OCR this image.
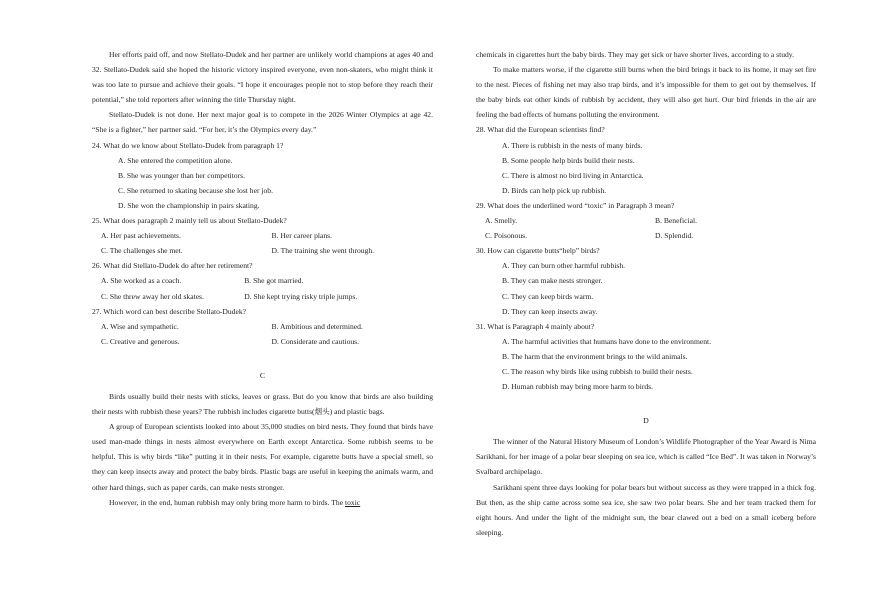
Her efforts paid off, and now Stellato-Dudek and her partner are unlikely world champions at ages 40 and 32. Stellato-Dudek said she hoped the historic victory inspired everyone, even non-skaters, who might think it was too late to pursue and achieve their goals. “I hope it encourages people not to stop before they reach their potential,” she told reporters after winning the title Thursday night.

Stellato-Dudek is not done. Her next major goal is to compete in the 2026 Winter Olympics at age 42. “She is a fighter,” her partner said. “For her, it’s the Olympics every day.”

24. What do we know about Stellato-Dudek from paragraph 1?

A. She entered the competition alone.

B. She was younger than her competitors.

C. She returned to skating because she lost her job.

D. She won the championship in pairs skating.

25. What does paragraph 2 mainly tell us about Stellato-Dudek?

A. Her past achievements.	B. Her career plans.
C. The challenges she met.	D. The training she went through.

26. What did Stellato-Dudek do after her retirement?

A. She worked as a coach.	B. She got married.
C. She threw away her old skates.	D. She kept trying risky triple jumps.

27. Which word can best describe Stellato-Dudek?

A. Wise and sympathetic.	B. Ambitious and determined.
C. Creative and generous.	D. Considerate and cautious.
C

Birds usually build their nests with sticks, leaves or grass. But do you know that birds are also building their nests with rubbish these years? The rubbish includes cigarette butts(烟头) and plastic bags.

A group of European scientists looked into about 35,000 studies on bird nests. They found that birds have used man-made things in nests almost everywhere on Earth except Antarctica. Some rubbish seems to be helpful. This is why birds “like” putting it in their nests. For example, cigarette butts have a special smell, so they can keep insects away and protect the baby birds. Plastic bags are useful in keeping the animals warm, and other hard things, such as paper cards, can make nests stronger.

However, in the end, human rubbish may only bring more harm to birds. The toxic

chemicals in cigarettes hurt the baby birds. They may get sick or have shorter lives, according to a study.

To make matters worse, if the cigarette still burns when the bird brings it back to its home, it may set fire to the nest. Pieces of fishing net may also trap birds, and it’s impossible for them to get out by themselves. If the baby birds eat other kinds of rubbish by accident, they will also get hurt. Our bird friends in the air are feeling the bad effects of humans polluting the environment.

28. What did the European scientists find?

A. There is rubbish in the nests of many birds.

B. Some people help birds build their nests.

C. There is almost no bird living in Antarctica.

D. Birds can help pick up rubbish.

29. What does the underlined word “toxic” in Paragraph 3 mean?

A. Smelly.	B. Beneficial.
C. Poisonous.	D. Splendid.

30. How can cigarette butts“help” birds?

A. They can burn other harmful rubbish.

B. They can make nests stronger.

C. They can keep birds warm.

D. They can keep insects away.

31. What is Paragraph 4 mainly about?

A. The harmful activities that humans have done to the environment.

B. The harm that the environment brings to the wild animals.

C. The reason why birds like using rubbish to build their nests.

D. Human rubbish may bring more harm to birds.

D

The winner of the Natural History Museum of London’s Wildlife Photographer of the Year Award is Nima Sarikhani, for her image of a polar bear sleeping on sea ice, which is called “Ice Bed”. It was taken in Norway’s Svalbard archipelago.

Sarikhani spent three days looking for polar bears but without success as they were trapped in a thick fog. But then, as the ship came across some sea ice, she saw two polar bears. She and her team tracked them for eight hours. And under the light of the midnight sun, the bear clawed out a bed on a small iceberg before sleeping.
